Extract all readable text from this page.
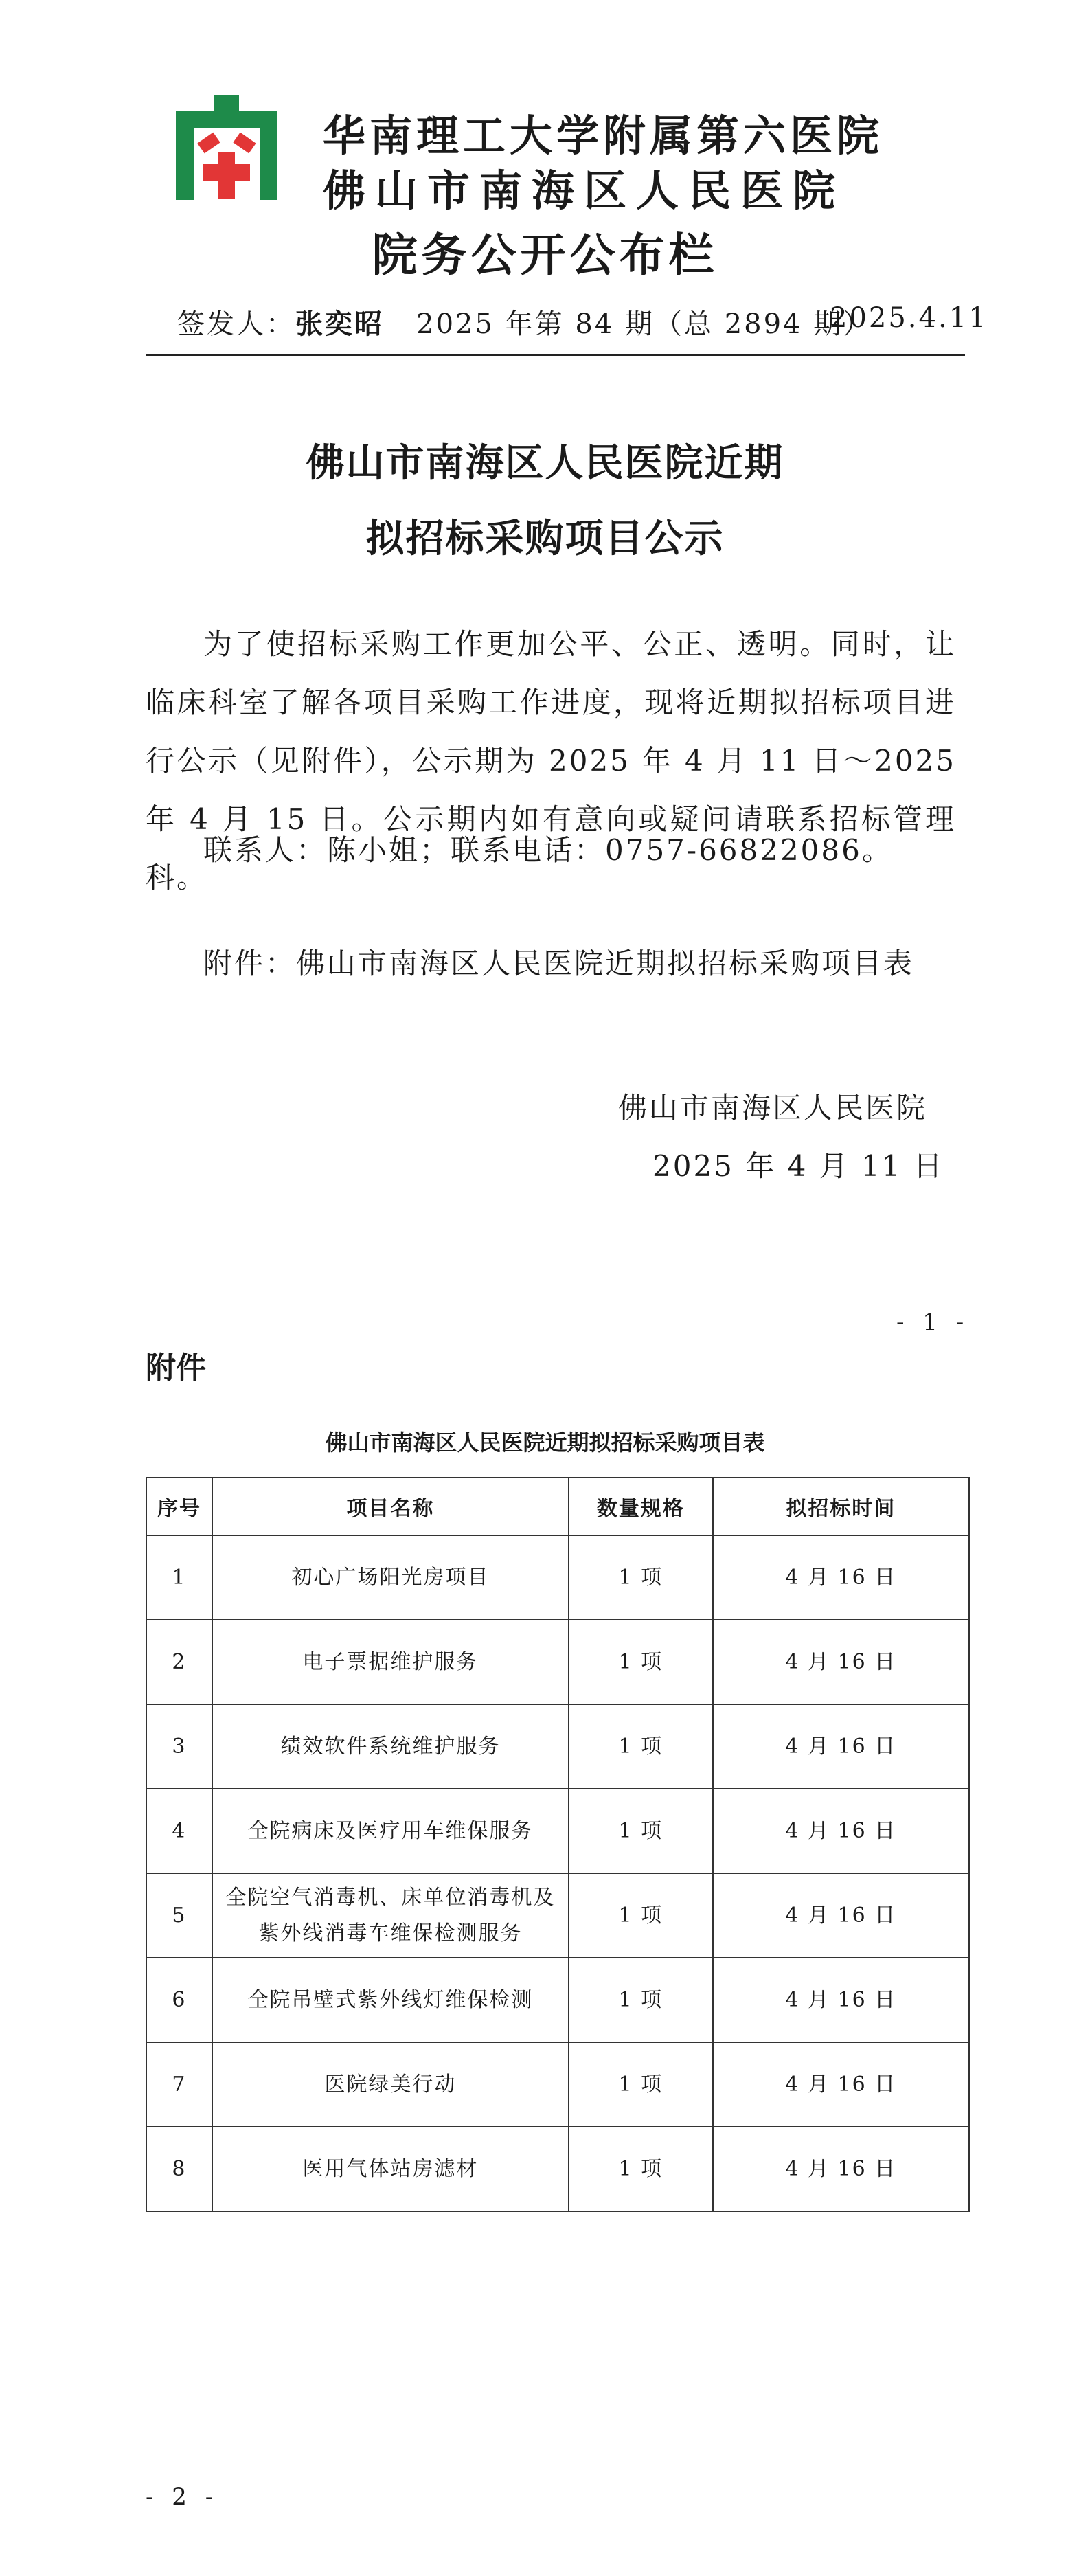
华南理工大学附属第六医院
佛山市南海区人民医院
院务公开公布栏
签发人：张奕昭 2025 年第 84 期（总 2894 期）
2025.4.11
佛山市南海区人民医院近期
拟招标采购项目公示
为了使招标采购工作更加公平、公正、透明。同时，让临床科室了解各项目采购工作进度，现将近期拟招标项目进行公示（见附件），公示期为 2025 年 4 月 11 日～2025 年 4 月 15 日。公示期内如有意向或疑问请联系招标管理科。
联系人：陈小姐；联系电话：0757-66822086。
附件：佛山市南海区人民医院近期拟招标采购项目表
佛山市南海区人民医院
2025 年 4 月 11 日
- 1 -
附件
佛山市南海区人民医院近期拟招标采购项目表
序号	项目名称	数量规格	拟招标时间
1	初心广场阳光房项目	1 项	4 月 16 日
2	电子票据维护服务	1 项	4 月 16 日
3	绩效软件系统维护服务	1 项	4 月 16 日
4	全院病床及医疗用车维保服务	1 项	4 月 16 日
5	全院空气消毒机、床单位消毒机及紫外线消毒车维保检测服务	1 项	4 月 16 日
6	全院吊壁式紫外线灯维保检测	1 项	4 月 16 日
7	医院绿美行动	1 项	4 月 16 日
8	医用气体站房滤材	1 项	4 月 16 日
- 2 -
